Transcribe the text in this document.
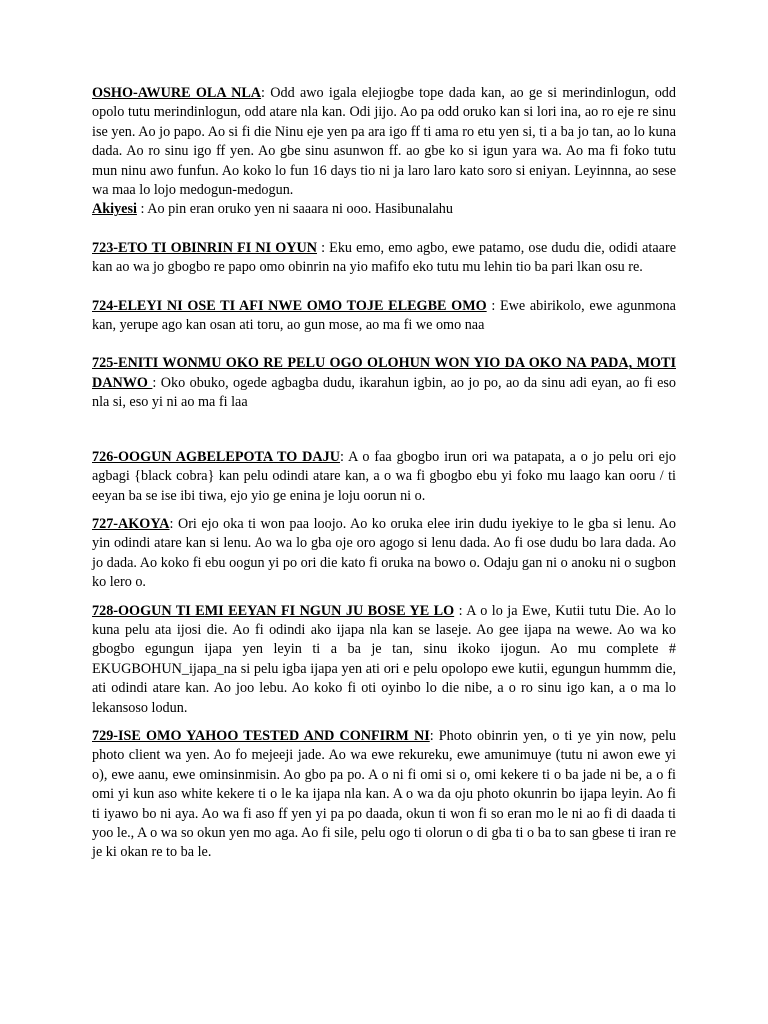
OSHO-AWURE OLA NLA: Odd awo igala elejiogbe tope dada kan, ao ge si merindinlogun, odd opolo tutu merindinlogun, odd atare nla kan. Odi jijo. Ao pa odd oruko kan si lori ina, ao ro eje re sinu ise yen. Ao jo papo. Ao si fi die Ninu eje yen pa ara igo ff ti ama ro etu yen si, ti a ba jo tan, ao lo kuna dada. Ao ro sinu igo ff yen. Ao gbe sinu asunwon ff. ao gbe ko si igun yara wa. Ao ma fi foko tutu mun ninu awo funfun. Ao koko lo fun 16 days tio ni ja laro laro kato soro si eniyan. Leyinnna, ao sese wa maa lo lojo medogun-medogun.

Akiyesi : Ao pin eran oruko yen ni saaara ni ooo. Hasibunalahu

723-ETO TI OBINRIN FI NI OYUN : Eku emo, emo agbo, ewe patamo, ose dudu die, odidi ataare kan ao wa jo gbogbo re papo omo obinrin na yio mafifo eko tutu mu lehin tio ba pari lkan osu re.

724-ELEYI NI OSE TI AFI NWE OMO TOJE ELEGBE OMO : Ewe abirikolo, ewe agunmona kan, yerupe ago kan osan ati toru, ao gun mose, ao ma fi we omo naa

725-ENITI WONMU OKO RE PELU OGO OLOHUN WON YIO DA OKO NA PADA, MOTI DANWO : Oko obuko, ogede agbagba dudu, ikarahun igbin, ao jo po, ao da sinu adi eyan, ao fi eso nla si, eso yi ni ao ma fi laa

726-OOGUN AGBELEPOTA TO DAJU: A o faa gbogbo irun ori wa patapata, a o jo pelu ori ejo agbagi {black cobra} kan pelu odindi atare kan, a o wa fi gbogbo ebu yi foko mu laago kan ooru / ti eeyan ba se ise ibi tiwa, ejo yio ge enina je loju oorun ni o.

727-AKOYA: Ori ejo oka ti won paa loojo. Ao ko oruka elee irin dudu iyekiye to le gba si lenu. Ao yin odindi atare kan si lenu. Ao wa lo gba oje oro agogo si lenu dada. Ao fi ose dudu bo lara dada. Ao jo dada. Ao koko fi ebu oogun yi po ori die kato fi oruka na bowo o. Odaju gan ni o anoku ni o sugbon ko lero o.

728-OOGUN TI EMI EEYAN FI NGUN JU BOSE YE LO : A o lo ja Ewe, Kutii tutu Die. Ao lo kuna pelu ata ijosi die. Ao fi odindi ako ijapa nla kan se laseje. Ao gee ijapa na wewe. Ao wa ko gbogbo egungun ijapa yen leyin ti a ba je tan, sinu ikoko ijogun. Ao mu complete # EKUGBOHUN_ijapa_na si pelu igba ijapa yen ati ori e pelu opolopo ewe kutii, egungun hummm die, ati odindi atare kan. Ao joo lebu. Ao koko fi oti oyinbo lo die nibe, a o ro sinu igo kan, a o ma lo lekansoso lodun.

729-ISE OMO YAHOO TESTED AND CONFIRM NI: Photo obinrin yen, o ti ye yin now, pelu photo client wa yen. Ao fo mejeeji jade. Ao wa ewe rekureku, ewe amunimuye (tutu ni awon ewe yi o), ewe aanu, ewe ominsinmisin. Ao gbo pa po. A o ni fi omi si o, omi kekere ti o ba jade ni be, a o fi omi yi kun aso white kekere ti o le ka ijapa nla kan. A o wa da oju photo okunrin bo ijapa leyin. Ao fi ti iyawo bo ni aya. Ao wa fi aso ff yen yi pa po daada, okun ti won fi so eran mo le ni ao fi di daada ti yoo le., A o wa so okun yen mo aga. Ao fi sile, pelu ogo ti olorun o di gba ti o ba to san gbese ti iran re je ki okan re to ba le.
